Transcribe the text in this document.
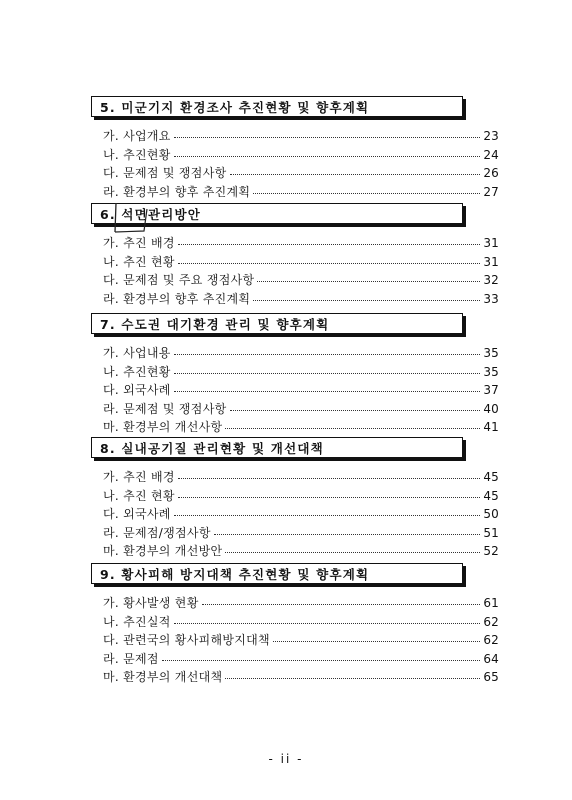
5. 미군기지 환경조사 추진현황 및 향후계획
가. 사업개요	23
나. 추진현황	24
다. 문제점 및 쟁점사항	26
라. 환경부의 향후 추진계획	27
6. 석면관리방안
가. 추진 배경	31
나. 추진 현황	31
다. 문제점 및 주요 쟁점사항	32
라. 환경부의 향후 추진계획	33
7. 수도권 대기환경 관리 및 향후계획
가. 사업내용	35
나. 추진현황	35
다. 외국사례	37
라. 문제점 및 쟁점사항	40
마. 환경부의 개선사항	41
8. 실내공기질 관리현황 및 개선대책
가. 추진 배경	45
나. 추진 현황	45
다. 외국사례	50
라. 문제점/쟁점사항	51
마. 환경부의 개선방안	52
9. 황사피해 방지대책 추진현황 및 향후계획
가. 황사발생 현황	61
나. 추진실적	62
다. 관련국의 황사피해방지대책	62
라. 문제점	64
마. 환경부의 개선대책	65
- ii -
